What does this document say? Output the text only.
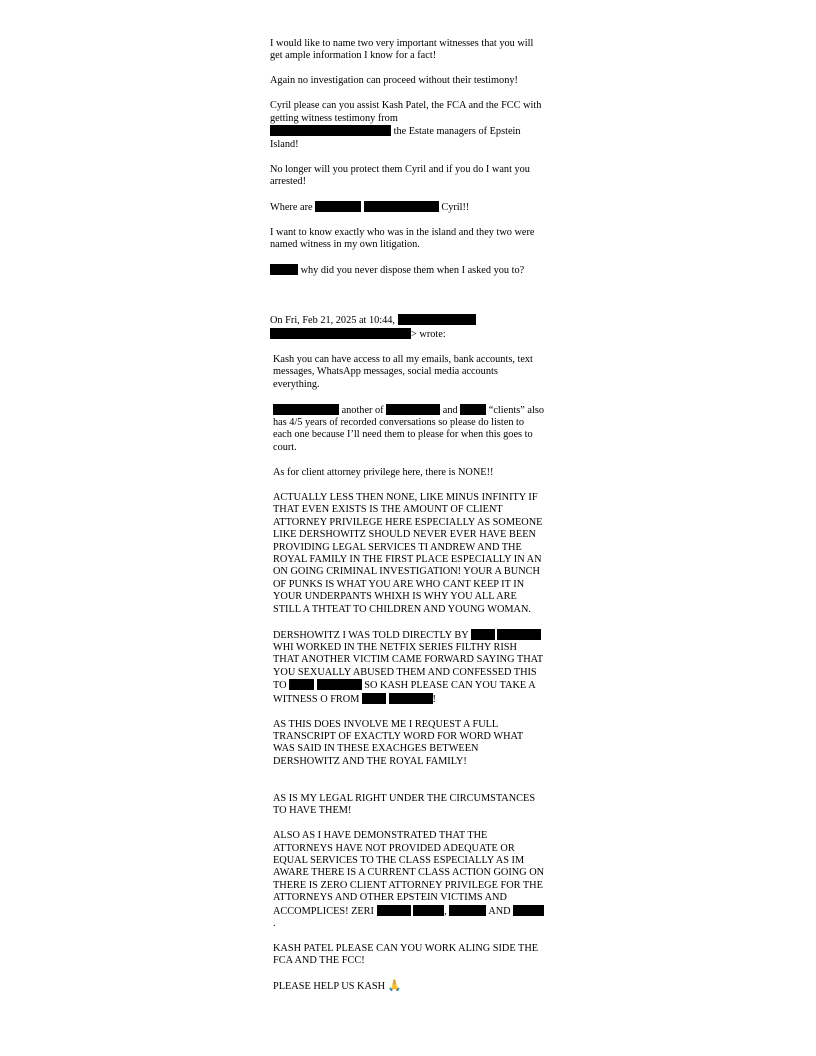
I would like to name two very important witnesses that you will get ample information I know for a fact!

Again no investigation can proceed without their testimony!

Cyril please can you assist Kash Patel, the FCA and the FCC with getting witness testimony from
the Estate managers of Epstein Island!

No longer will you protect them Cyril and if you do I want you arrested!

Where are	Cyril!!

I want to know exactly who was in the island and they two were named witness in my own litigation.

why did you never dispose them when I asked you to?

On Fri, Feb 21, 2025 at 10:44,
> wrote:

Kash you can have access to all my emails, bank accounts, text messages, WhatsApp messages, social media accounts everything.

another of	and	“clients” also has 4/5 years of recorded conversations so please do listen to each one because I’ll need them to please for when this goes to court.

As for client attorney privilege here, there is NONE!!

ACTUALLY LESS THEN NONE, LIKE MINUS INFINITY IF THAT EVEN EXISTS IS THE AMOUNT OF CLIENT ATTORNEY PRIVILEGE HERE ESPECIALLY AS SOMEONE LIKE DERSHOWITZ SHOULD NEVER EVER HAVE BEEN PROVIDING LEGAL SERVICES TI ANDREW AND THE ROYAL FAMILY IN THE FIRST PLACE ESPECIALLY IN AN ON GOING CRIMINAL INVESTIGATION! YOUR A BUNCH OF PUNKS IS WHAT YOU ARE WHO CANT KEEP IT IN YOUR UNDERPANTS WHIXH IS WHY YOU ALL ARE STILL A THTEAT TO CHILDREN AND YOUNG WOMAN.

DERSHOWITZ I WAS TOLD DIRECTLY BY   WHI WORKED IN THE NETFIX SERIES FILTHY RISH THAT ANOTHER VICTIM CAME FORWARD SAYING THAT YOU SEXUALLY ABUSED THEM AND CONFESSED THIS TO	SO KASH PLEASE CAN YOU TAKE A WITNESS O FROM	!

AS THIS DOES INVOLVE ME I REQUEST A FULL TRANSCRIPT OF EXACTLY WORD FOR WORD WHAT WAS SAID IN THESE EXACHGES BETWEEN DERSHOWITZ AND THE ROYAL FAMILY!

AS IS MY LEGAL RIGHT UNDER THE CIRCUMSTANCES TO HAVE THEM!

ALSO AS I HAVE DEMONSTRATED THAT THE ATTORNEYS HAVE NOT PROVIDED ADEQUATE OR EQUAL SERVICES TO THE CLASS ESPECIALLY AS IM AWARE THERE IS A CURRENT CLASS ACTION GOING ON THERE IS ZERO CLIENT ATTORNEY PRIVILEGE FOR THE ATTORNEYS AND OTHER EPSTEIN VICTIMS AND ACCOMPLICES! ZERI	,	AND .

KASH PATEL PLEASE CAN YOU WORK ALING SIDE THE FCA AND THE FCC!

PLEASE HELP US KASH 🙏
